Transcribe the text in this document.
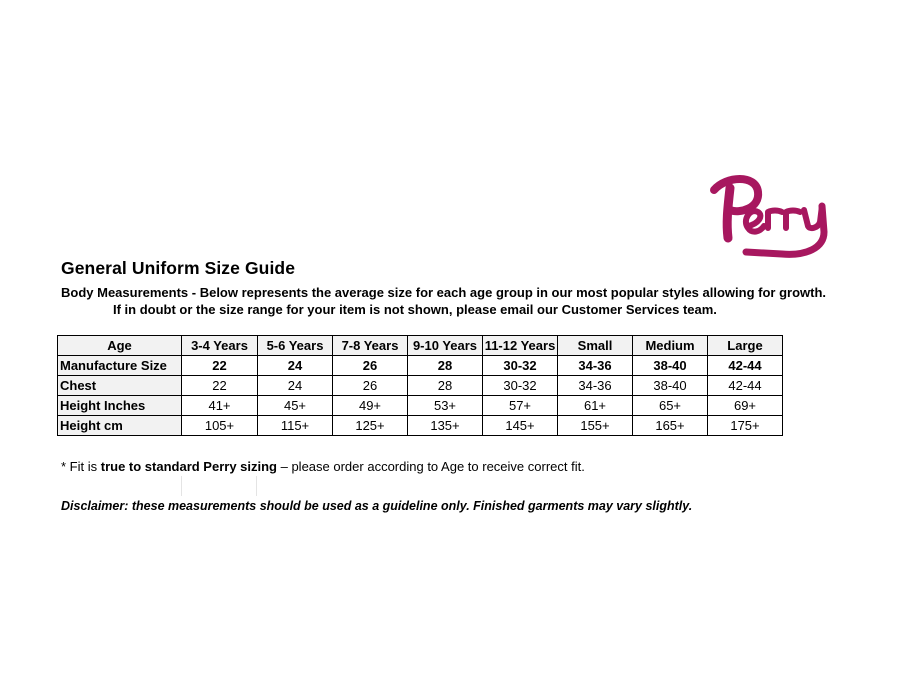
General Uniform Size Guide
Body Measurements - Below represents the average size for each age group in our most popular styles allowing for growth.
If in doubt or the size range for your item is not shown, please email our Customer Services team.
Age	3-4 Years	5-6 Years	7-8 Years	9-10 Years	11-12 Years	Small	Medium	Large
Manufacture Size	22	24	26	28	30-32	34-36	38-40	42-44
Chest	22	24	26	28	30-32	34-36	38-40	42-44
Height Inches	41+	45+	49+	53+	57+	61+	65+	69+
Height cm	105+	115+	125+	135+	145+	155+	165+	175+
* Fit is true to standard Perry sizing – please order according to Age to receive correct fit.
Disclaimer: these measurements should be used as a guideline only. Finished garments may vary slightly.
